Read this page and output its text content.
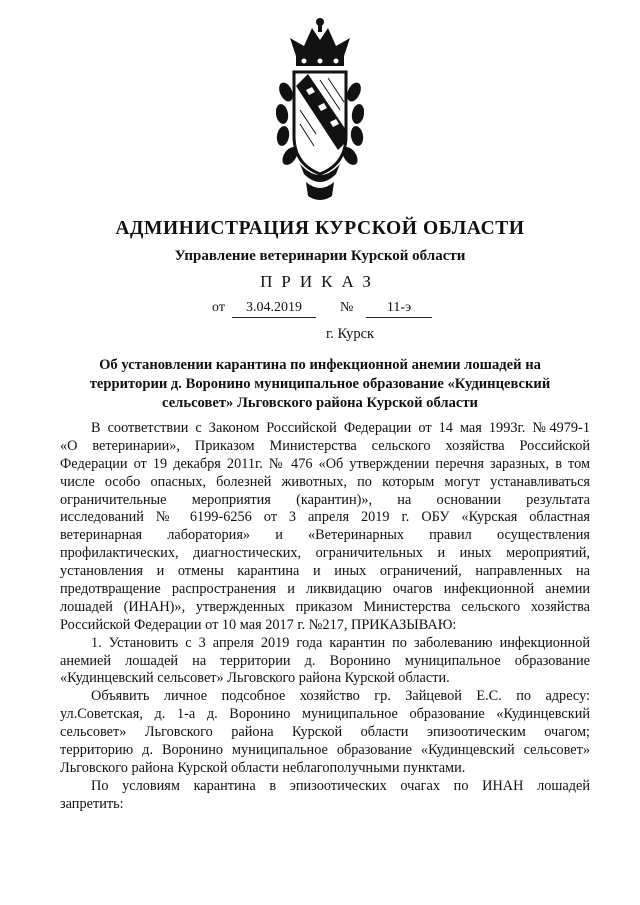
АДМИНИСТРАЦИЯ КУРСКОЙ ОБЛАСТИ
Управление ветеринарии Курской области
ПРИКАЗ
от	3.04.2019	№	11-э
г. Курск
Об установлении карантина по инфекционной анемии лошадей на
территории д. Воронино муниципальное образование «Кудинцевский
сельсовет» Льговского района Курской области
В соответствии с Законом Российской Федерации от 14 мая 1993г. №4979-1
«О ветеринарии», Приказом Министерства сельского хозяйства Российской
Федерации от 19 декабря 2011г. № 476 «Об утверждении перечня заразных, в том
числе особо опасных, болезней животных, по которым могут устанавливаться
ограничительные мероприятия (карантин)», на основании результата
исследований № 6199-6256 от 3 апреля 2019 г. ОБУ «Курская областная
ветеринарная лаборатория» и «Ветеринарных правил осуществления
профилактических, диагностических, ограничительных и иных мероприятий,
установления и отмены карантина и иных ограничений, направленных на
предотвращение распространения и ликвидацию очагов инфекционной анемии
лошадей (ИНАН)», утвержденных приказом Министерства сельского хозяйства
Российской Федерации от 10 мая 2017 г. №217, ПРИКАЗЫВАЮ:
1. Установить с 3 апреля 2019 года карантин по заболеванию инфекционной
анемией лошадей на территории д. Воронино муниципальное образование
«Кудинцевский сельсовет» Льговского района Курской области.
Объявить личное подсобное хозяйство гр. Зайцевой Е.С. по адресу:
ул.Советская, д. 1-а д. Воронино муниципальное образование «Кудинцевский
сельсовет» Льговского района Курской области эпизоотическим очагом;
территорию д. Воронино муниципальное образование «Кудинцевский сельсовет»
Льговского района Курской области неблагополучными пунктами.
По условиям карантина в эпизоотических очагах по ИНАН лошадей
запретить:
